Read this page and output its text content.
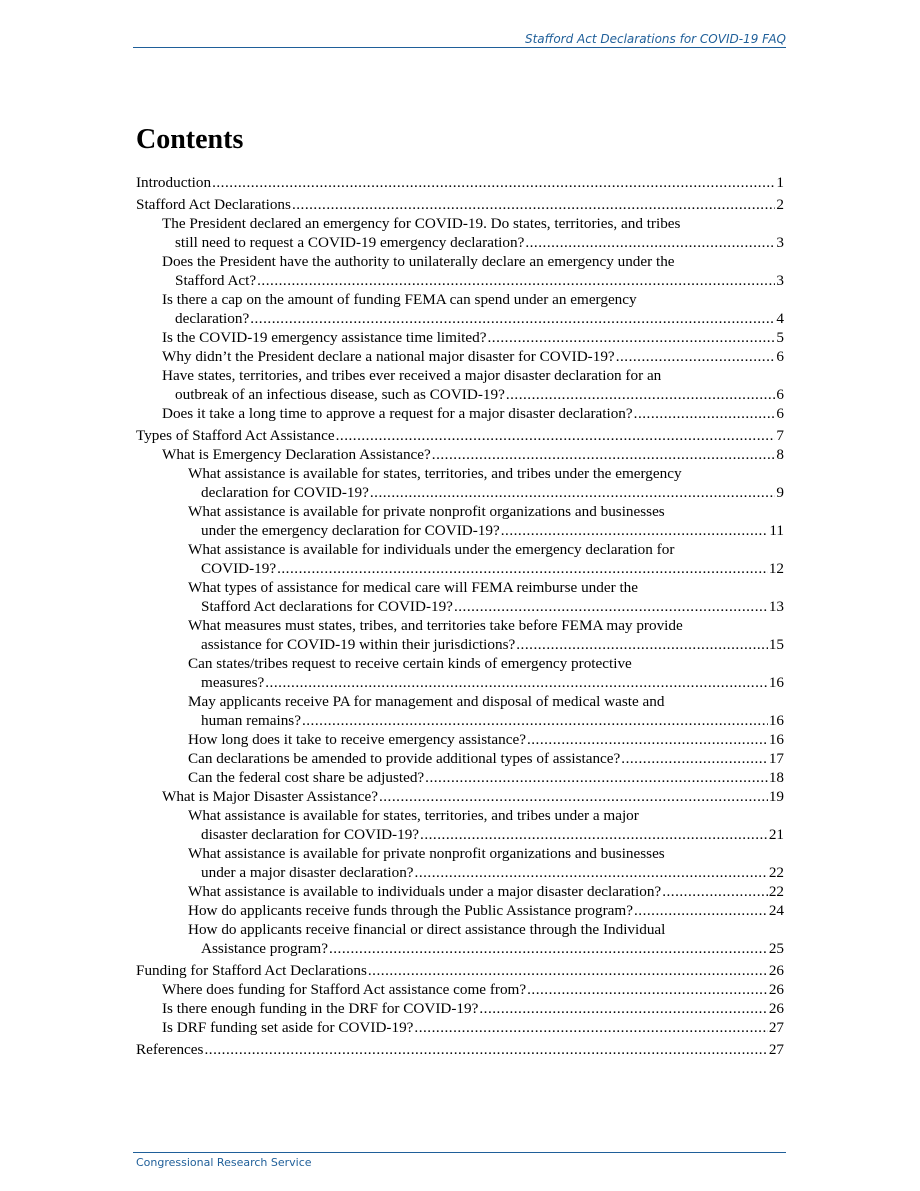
Stafford Act Declarations for COVID-19 FAQ
Contents
Introduction .....	1
Stafford Act Declarations .....	2
The President declared an emergency for COVID-19. Do states, territories, and tribes
still need to request a COVID-19 emergency declaration? .....	3
Does the President have the authority to unilaterally declare an emergency under the
Stafford Act? .....	3
Is there a cap on the amount of funding FEMA can spend under an emergency
declaration? .....	4
Is the COVID-19 emergency assistance time limited? .....	5
Why didn’t the President declare a national major disaster for COVID-19? .....	6
Have states, territories, and tribes ever received a major disaster declaration for an
outbreak of an infectious disease, such as COVID-19? .....	6
Does it take a long time to approve a request for a major disaster declaration? .....	6
Types of Stafford Act Assistance .....	7
What is Emergency Declaration Assistance? .....	8
What assistance is available for states, territories, and tribes under the emergency
declaration for COVID-19? .....	9
What assistance is available for private nonprofit organizations and businesses
under the emergency declaration for COVID-19? .....	11
What assistance is available for individuals under the emergency declaration for
COVID-19? .....	12
What types of assistance for medical care will FEMA reimburse under the
Stafford Act declarations for COVID-19? .....	13
What measures must states, tribes, and territories take before FEMA may provide
assistance for COVID-19 within their jurisdictions? .....	15
Can states/tribes request to receive certain kinds of emergency protective
measures? .....	16
May applicants receive PA for management and disposal of medical waste and
human remains? .....	16
How long does it take to receive emergency assistance? .....	16
Can declarations be amended to provide additional types of assistance? .....	17
Can the federal cost share be adjusted? .....	18
What is Major Disaster Assistance? .....	19
What assistance is available for states, territories, and tribes under a major
disaster declaration for COVID-19? .....	21
What assistance is available for private nonprofit organizations and businesses
under a major disaster declaration? .....	22
What assistance is available to individuals under a major disaster declaration? .....	22
How do applicants receive funds through the Public Assistance program? .....	24
How do applicants receive financial or direct assistance through the Individual
Assistance program? .....	25
Funding for Stafford Act Declarations .....	26
Where does funding for Stafford Act assistance come from? .....	26
Is there enough funding in the DRF for COVID-19? .....	26
Is DRF funding set aside for COVID-19? .....	27
References .....	27
Congressional Research Service
